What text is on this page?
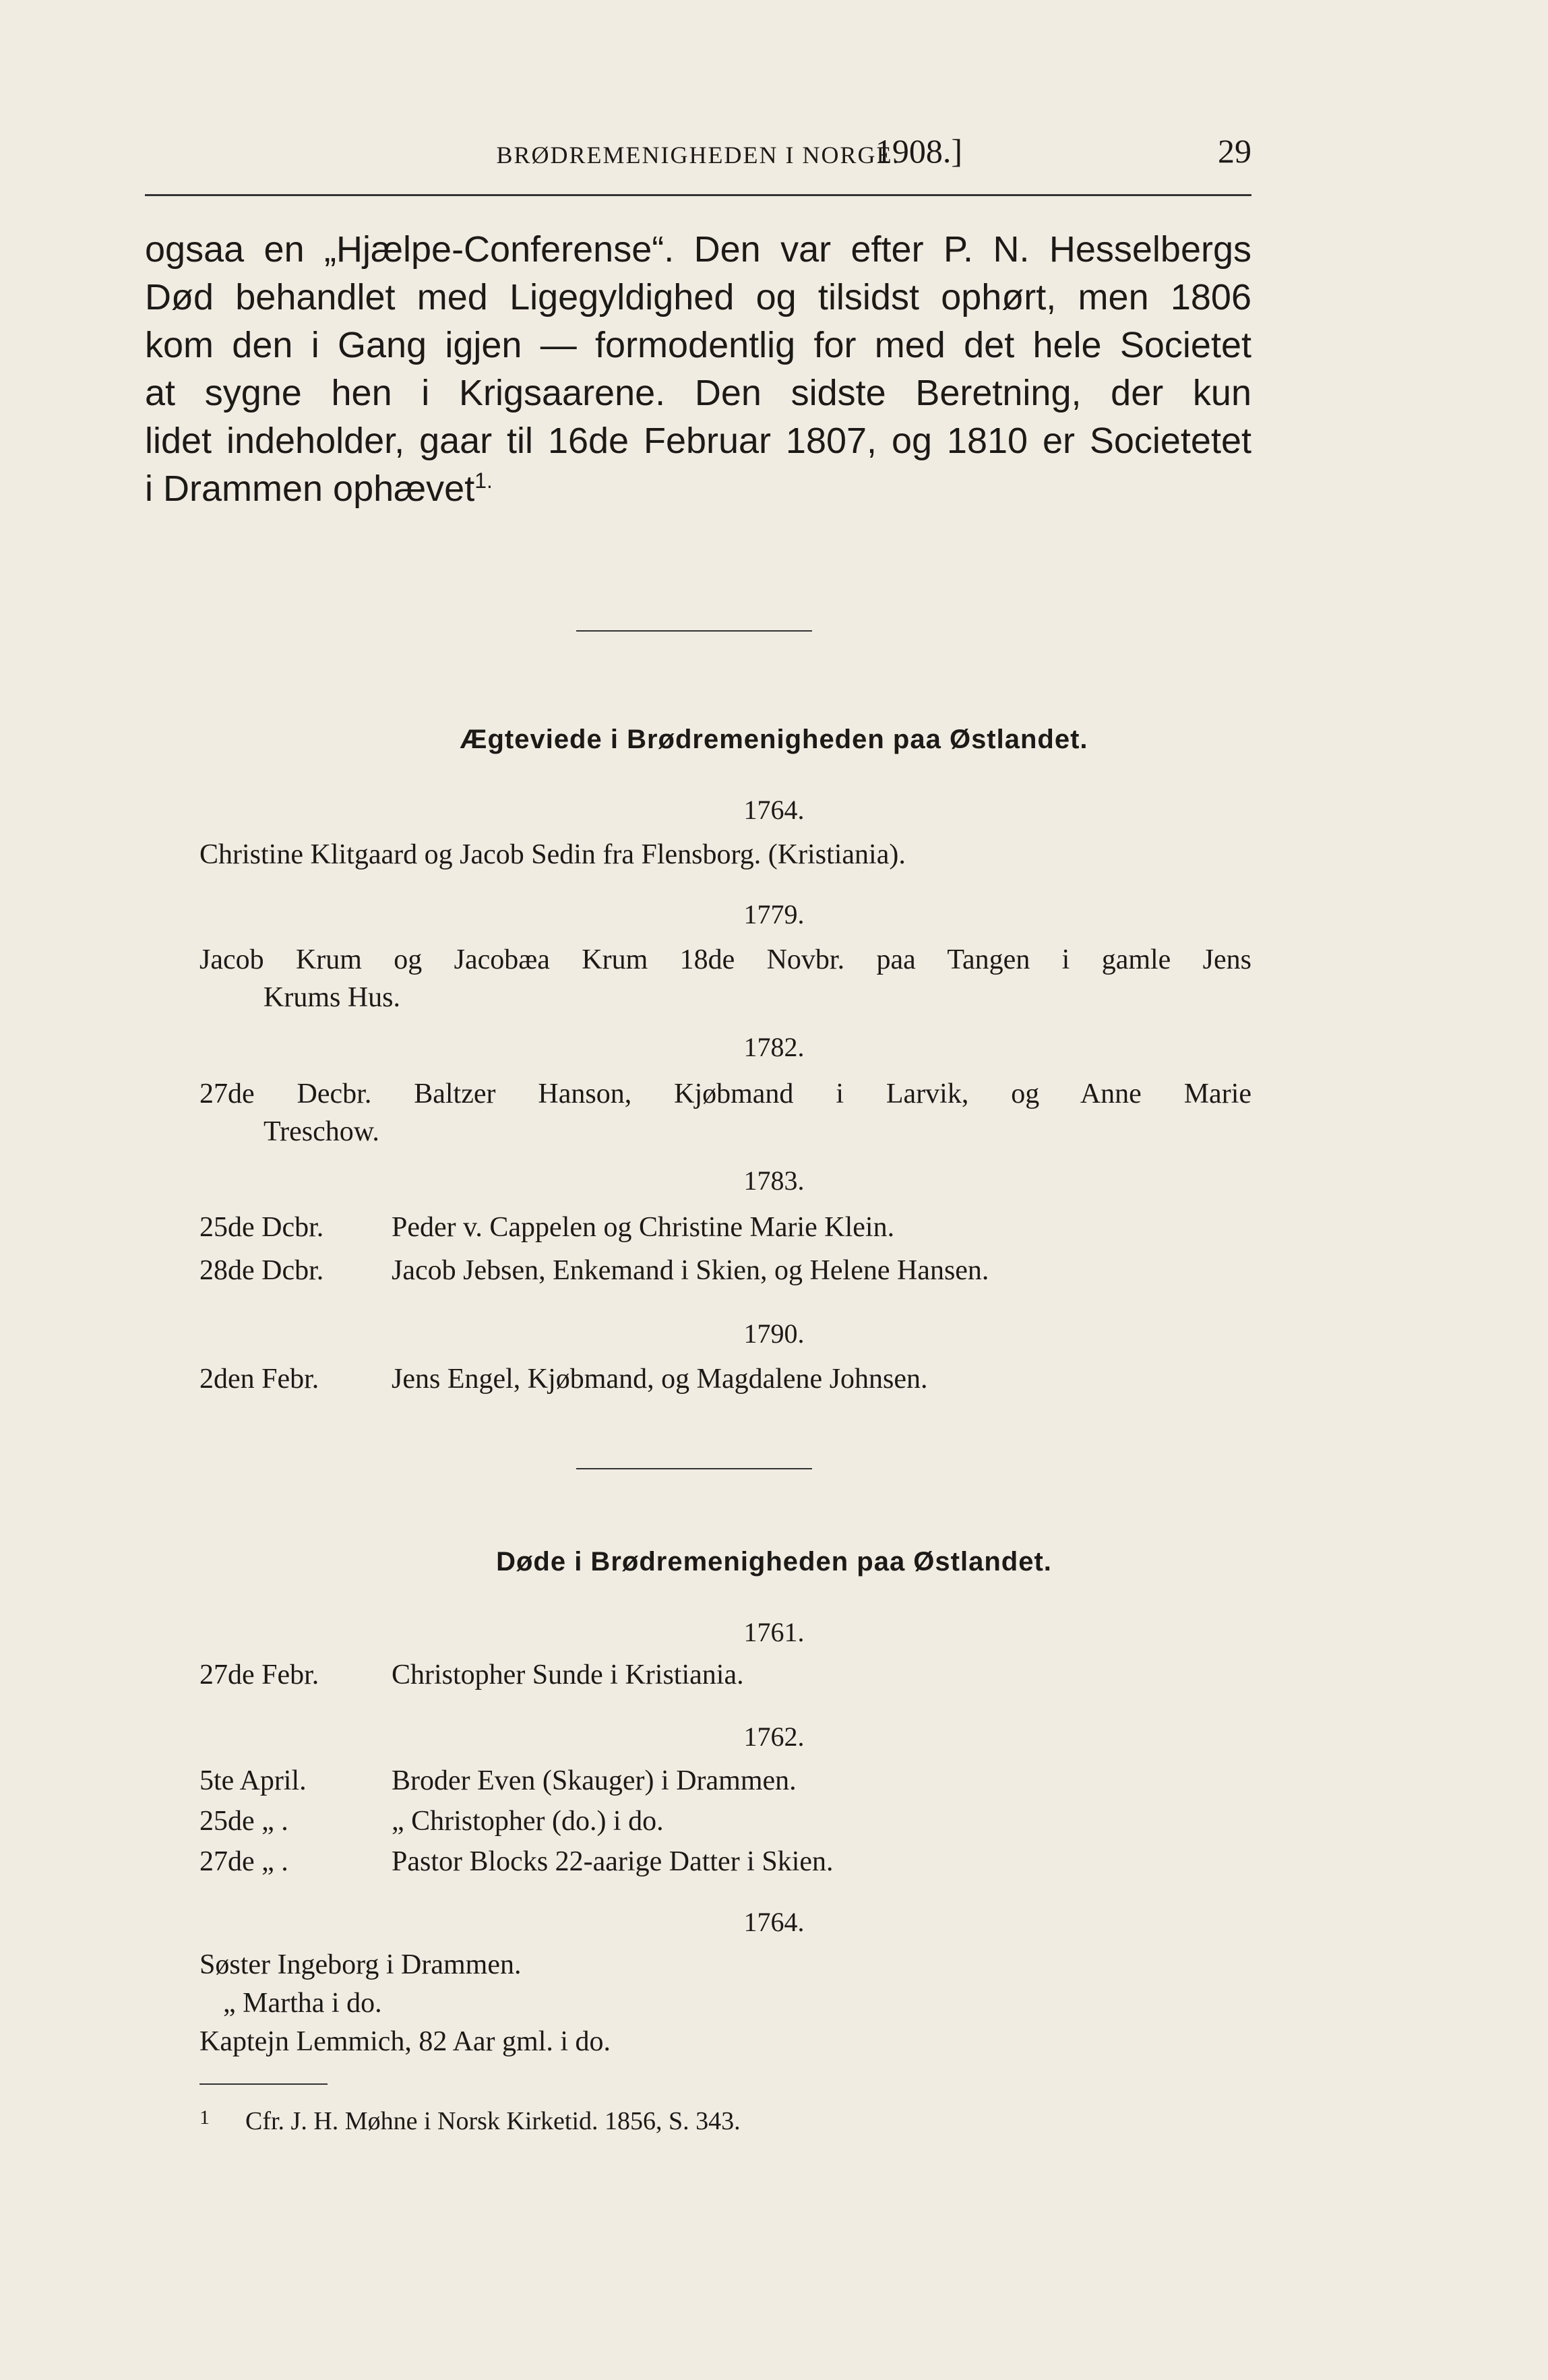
1908.]
BRØDREMENIGHEDEN I NORGE.	29
ogsaa en „Hjælpe-Conferense“. Den var efter P. N. Hesselbergs
Død behandlet med Ligegyldighed og tilsidst ophørt, men 1806
kom den i Gang igjen — formodentlig for med det hele Societet
at sygne hen i Krigsaarene. Den sidste Beretning, der kun
lidet indeholder, gaar til 16de Februar 1807, og 1810 er Societetet
i Drammen ophævet$^{1.}$
Ægteviede i Brødremenigheden paa Østlandet.
1764.
Christine Klitgaard og Jacob Sedin fra Flensborg. (Kristiania).
1779.
Jacob Krum og Jacobæa Krum 18de Novbr. paa Tangen i gamle Jens
Krums Hus.
1782.
27de Decbr. Baltzer Hanson, Kjøbmand i Larvik, og Anne Marie
Treschow.
1783.
25de Dcbr. Peder v. Cappelen og Christine Marie Klein.
28de Dcbr. Jacob Jebsen, Enkemand i Skien, og Helene Hansen.
1790.
2den Febr.	Jens Engel, Kjøbmand, og Magdalene Johnsen.
Døde i Brødremenigheden paa Østlandet.
1761.
27de Febr.	Christopher Sunde i Kristiania.
1762.
5te April.	Broder Even (Skauger) i Drammen.
25de „ .	„ Christopher (do.) i do.
27de „ .	Pastor Blocks 22-aarige Datter i Skien.
1764.
Søster Ingeborg i Drammen.
„ Martha i do.
Kaptejn Lemmich, 82 Aar gml. i do.
1 Cfr. J. H. Møhne i Norsk Kirketid. 1856, S. 343.
